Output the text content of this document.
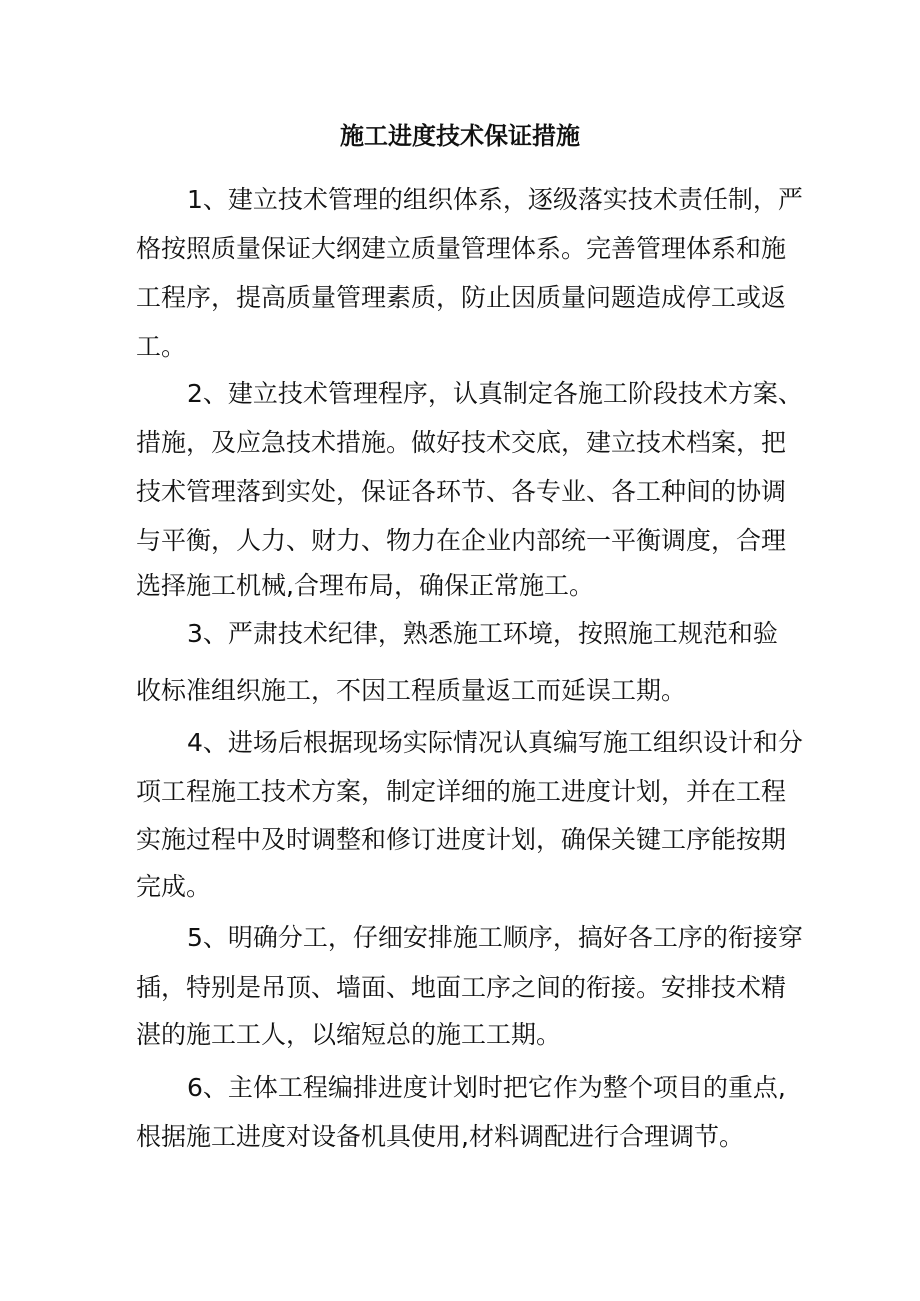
施工进度技术保证措施
1、建立技术管理的组织体系，逐级落实技术责任制，严
格按照质量保证大纲建立质量管理体系。完善管理体系和施
工程序，提高质量管理素质，防止因质量问题造成停工或返
工。
2、建立技术管理程序，认真制定各施工阶段技术方案、
措施，及应急技术措施。做好技术交底，建立技术档案，把
技术管理落到实处，保证各环节、各专业、各工种间的协调
与平衡，人力、财力、物力在企业内部统一平衡调度，合理
选择施工机械,合理布局，确保正常施工。
3、严肃技术纪律，熟悉施工环境，按照施工规范和验
收标准组织施工，不因工程质量返工而延误工期。
4、进场后根据现场实际情况认真编写施工组织设计和分
项工程施工技术方案，制定详细的施工进度计划，并在工程
实施过程中及时调整和修订进度计划，确保关键工序能按期
完成。
5、明确分工，仔细安排施工顺序，搞好各工序的衔接穿
插，特别是吊顶、墙面、地面工序之间的衔接。安排技术精
湛的施工工人，以缩短总的施工工期。
6、主体工程编排进度计划时把它作为整个项目的重点,
根据施工进度对设备机具使用,材料调配进行合理调节。
